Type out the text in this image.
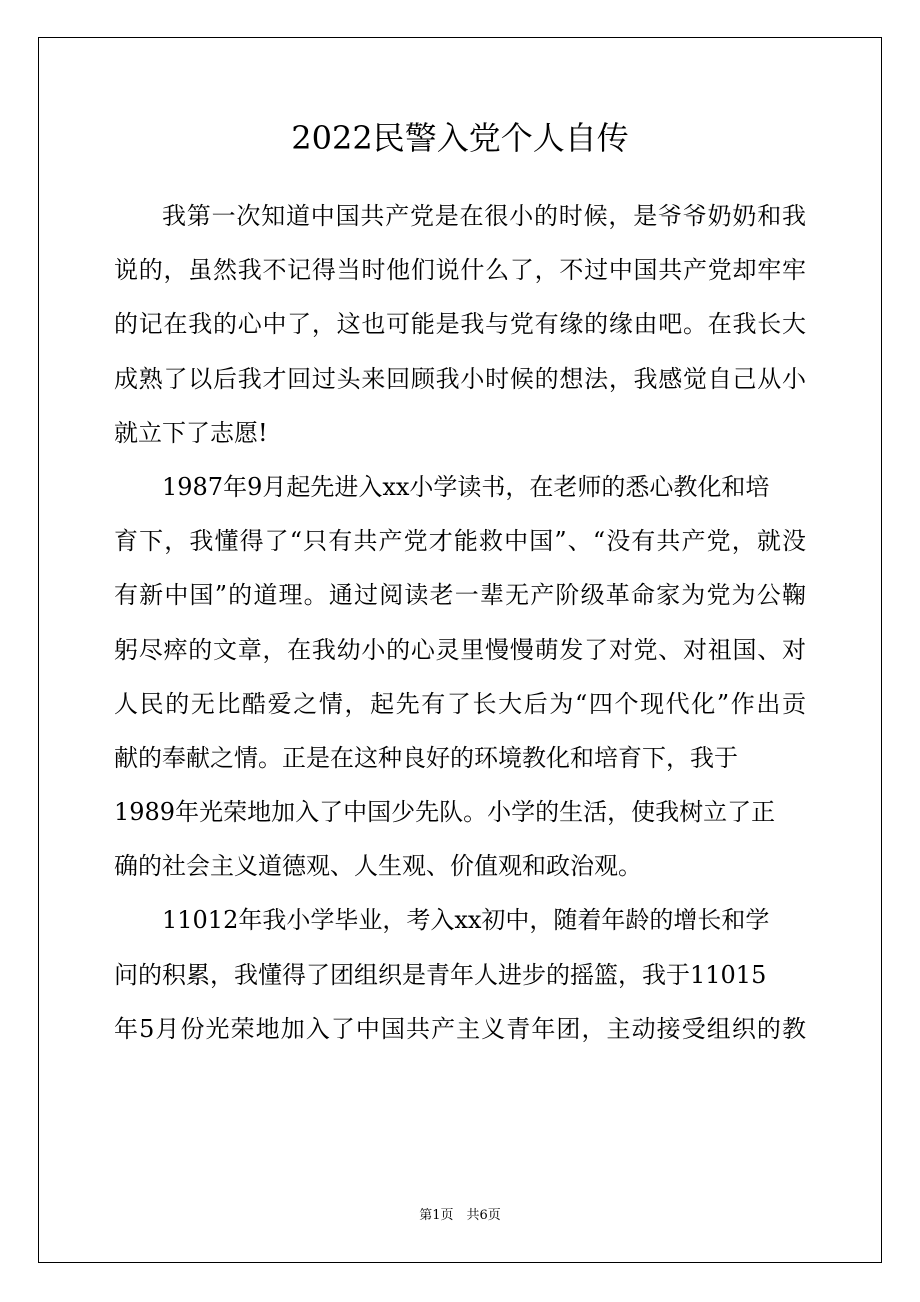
2022民警入党个人自传
我第一次知道中国共产党是在很小的时候，是爷爷奶奶和我
说的，虽然我不记得当时他们说什么了，不过中国共产党却牢牢
的记在我的心中了，这也可能是我与党有缘的缘由吧。在我长大
成熟了以后我才回过头来回顾我小时候的想法，我感觉自己从小
就立下了志愿!
1987年9月起先进入xx小学读书，在老师的悉心教化和培
育下，我懂得了“只有共产党才能救中国”、“没有共产党，就没
有新中国”的道理。通过阅读老一辈无产阶级革命家为党为公鞠
躬尽瘁的文章，在我幼小的心灵里慢慢萌发了对党、对祖国、对
人民的无比酷爱之情，起先有了长大后为“四个现代化”作出贡
献的奉献之情。正是在这种良好的环境教化和培育下，我于
1989年光荣地加入了中国少先队。小学的生活，使我树立了正
确的社会主义道德观、人生观、价值观和政治观。
11012年我小学毕业，考入xx初中，随着年龄的增长和学
问的积累，我懂得了团组织是青年人进步的摇篮，我于11015
年5月份光荣地加入了中国共产主义青年团，主动接受组织的教
第1页　共6页
